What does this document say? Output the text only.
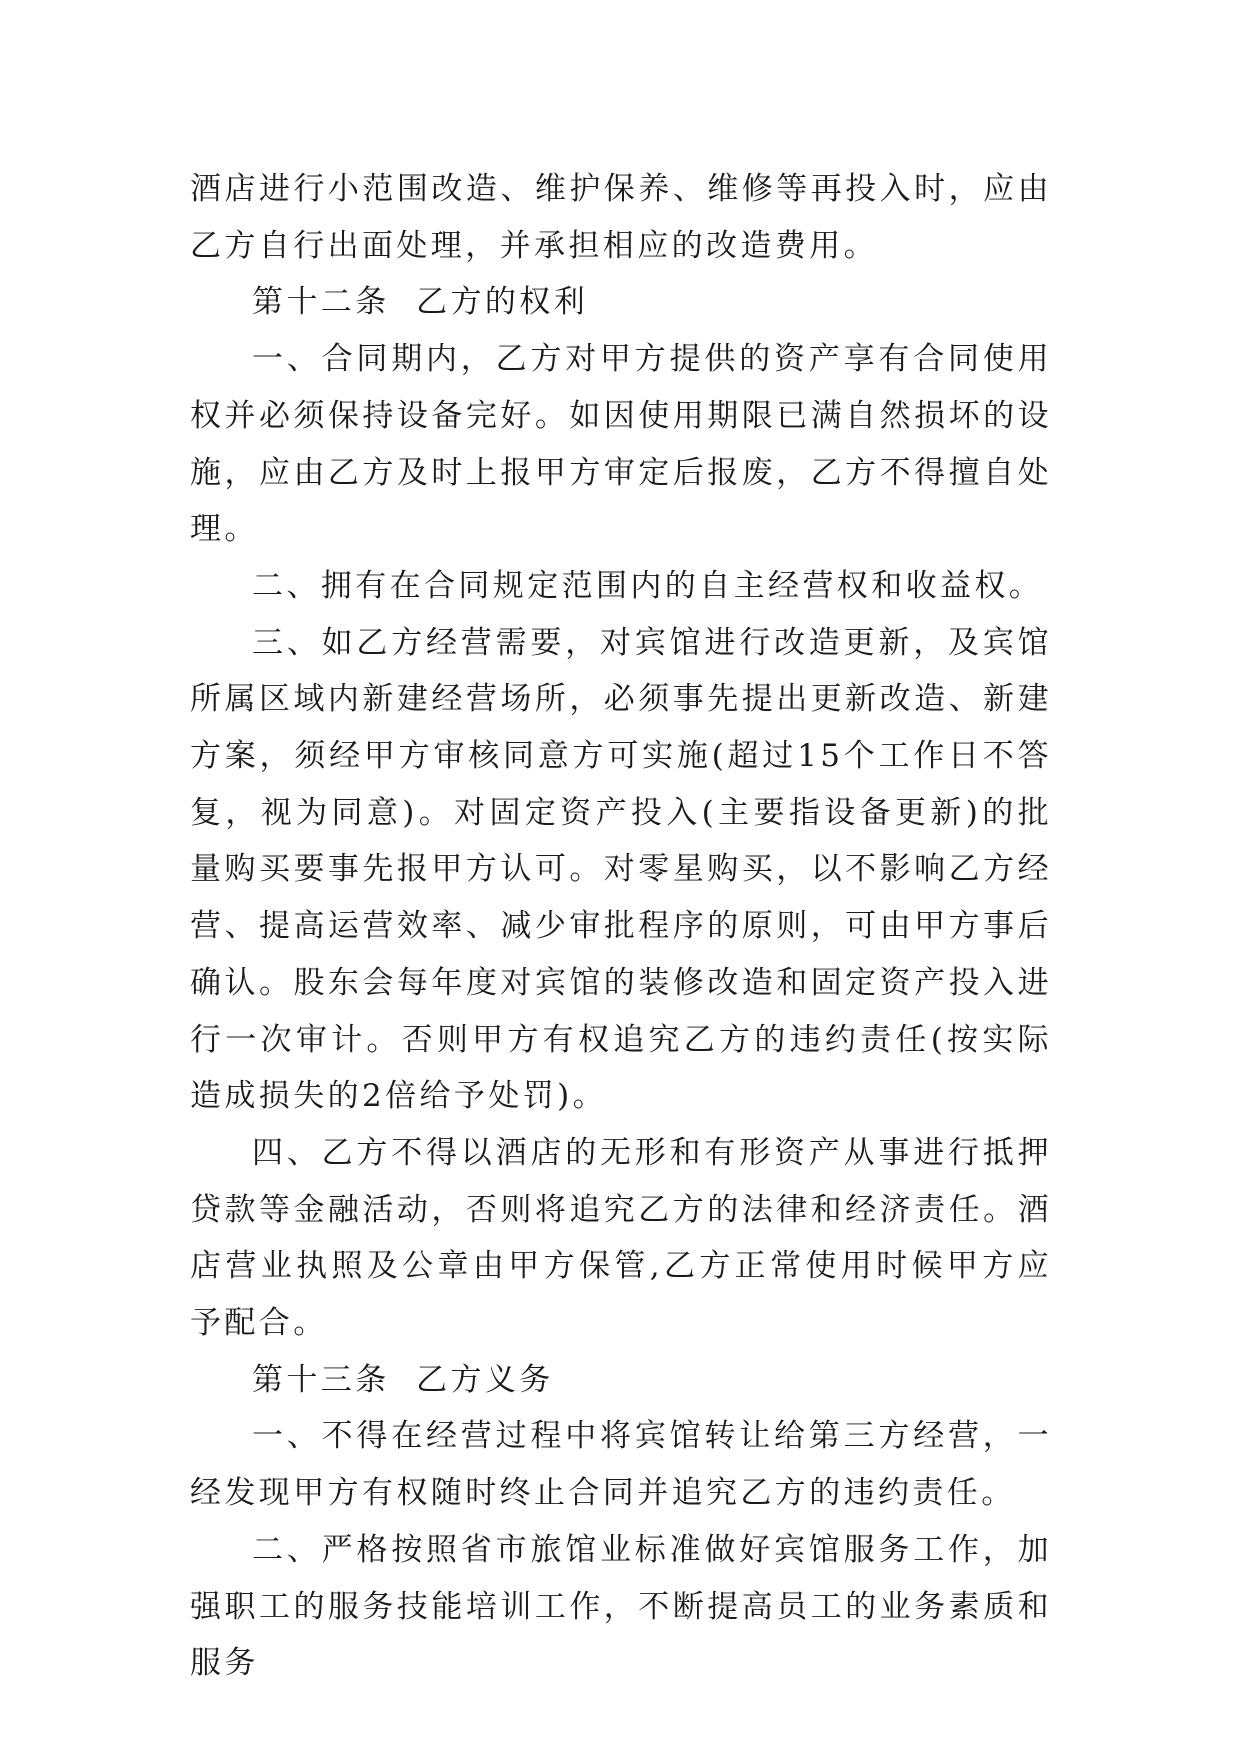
酒店进行小范围改造、维护保养、维修等再投入时，应由乙方自行出面处理，并承担相应的改造费用。

第十二条  乙方的权利

一、合同期内，乙方对甲方提供的资产享有合同使用权并必须保持设备完好。如因使用期限已满自然损坏的设施，应由乙方及时上报甲方审定后报废，乙方不得擅自处理。

二、拥有在合同规定范围内的自主经营权和收益权。

三、如乙方经营需要，对宾馆进行改造更新，及宾馆所属区域内新建经营场所，必须事先提出更新改造、新建方案，须经甲方审核同意方可实施(超过15个工作日不答复，视为同意)。对固定资产投入(主要指设备更新)的批量购买要事先报甲方认可。对零星购买，以不影响乙方经营、提高运营效率、减少审批程序的原则，可由甲方事后确认。股东会每年度对宾馆的装修改造和固定资产投入进行一次审计。否则甲方有权追究乙方的违约责任(按实际造成损失的2倍给予处罚)。

四、乙方不得以酒店的无形和有形资产从事进行抵押贷款等金融活动，否则将追究乙方的法律和经济责任。酒店营业执照及公章由甲方保管,乙方正常使用时候甲方应予配合。

第十三条  乙方义务

一、不得在经营过程中将宾馆转让给第三方经营，一经发现甲方有权随时终止合同并追究乙方的违约责任。

二、严格按照省市旅馆业标准做好宾馆服务工作，加强职工的服务技能培训工作，不断提高员工的业务素质和服务
